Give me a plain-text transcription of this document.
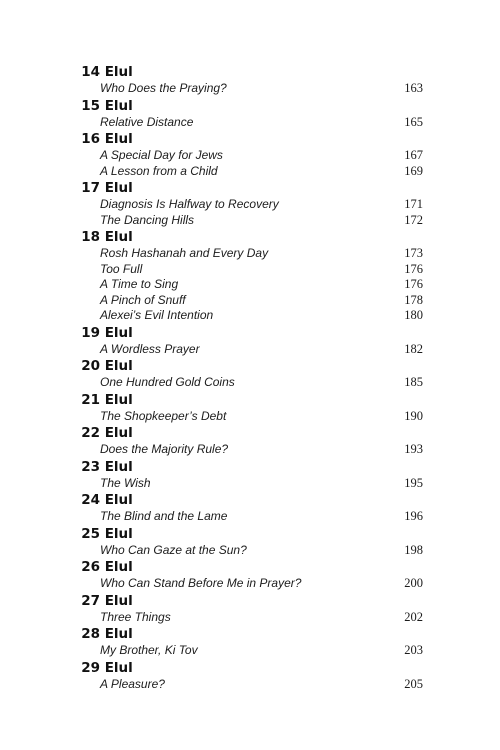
14
Elul
Who Does the Praying?	163
15
Elul
Relative Distance	165
16
Elul
A Special Day for Jews	167
A Lesson from a Child	169
17
Elul
Diagnosis Is Halfway to Recovery	171
The Dancing Hills	172
18
Elul
Rosh Hashanah and Every Day	173
Too Full	176
A Time to Sing	176
A Pinch of Snuff	178
Alexei’s Evil Intention	180
19
Elul
A Wordless Prayer	182
20
Elul
One Hundred Gold Coins	185
21
Elul
The Shopkeeper’s Debt	190
22
Elul
Does the Majority Rule?	193
23
Elul
The Wish	195
24
Elul
The Blind and the Lame	196
25
Elul
Who Can Gaze at the Sun?	198
26
Elul
Who Can Stand Before Me in Prayer?	200
27
Elul
Three Things	202
28
Elul
My Brother, Ki Tov	203
29
Elul
A Pleasure?	205
